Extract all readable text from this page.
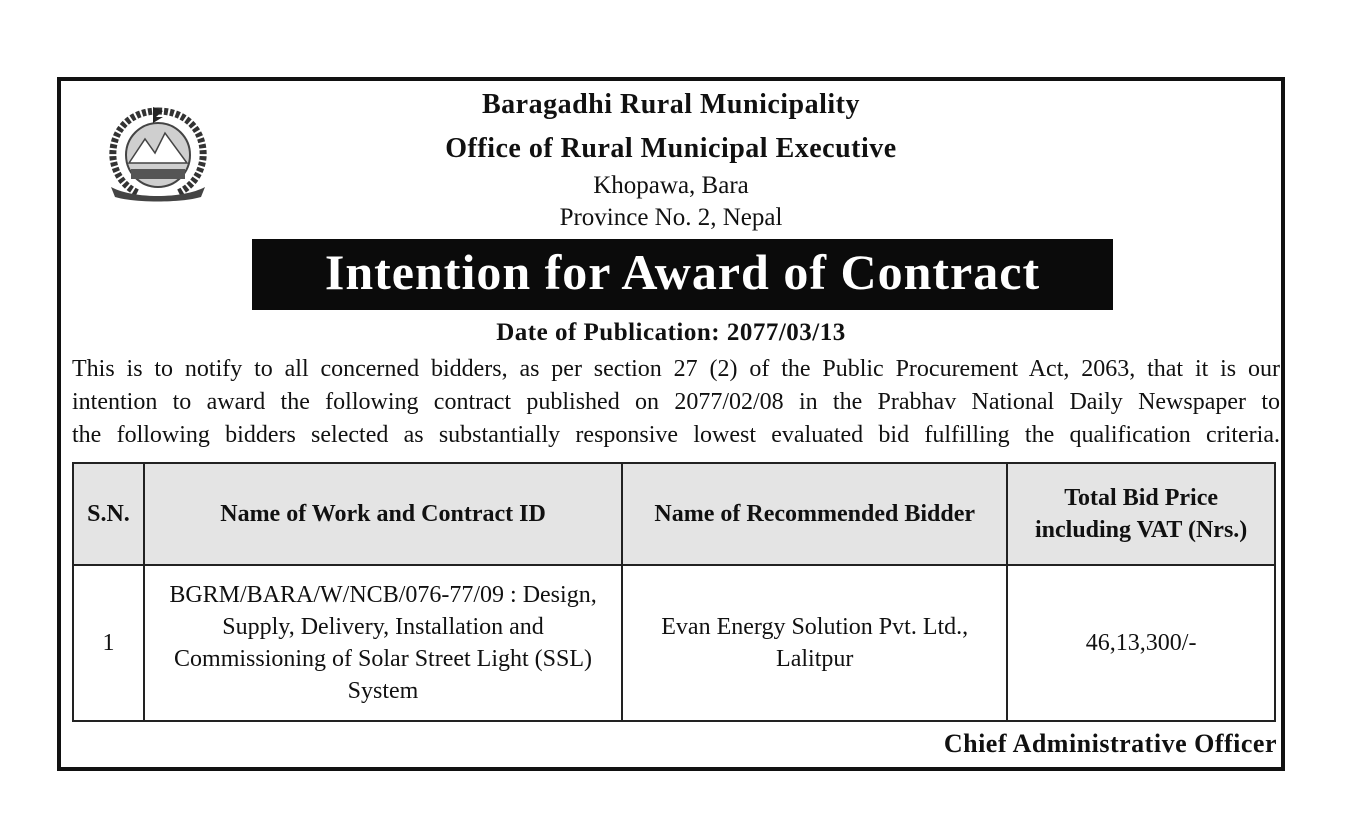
Baragadhi Rural Municipality
Office of Rural Municipal Executive
Khopawa, Bara
Province No. 2, Nepal
Intention for Award of Contract
Date of Publication: 2077/03/13
This is to notify to all concerned bidders, as per section 27 (2) of the Public Procurement Act, 2063, that it is our
intention to award the following contract published on 2077/02/08 in the Prabhav National Daily Newspaper to
the following bidders selected as substantially responsive lowest evaluated bid fulfilling the qualification criteria.
S.N.	Name of Work and Contract ID	Name of Recommended Bidder	Total Bid Price including VAT (Nrs.)
1	BGRM/BARA/W/NCB/076-77/09 : Design, Supply, Delivery, Installation and Commissioning of Solar Street Light (SSL) System	Evan Energy Solution Pvt. Ltd., Lalitpur	46,13,300/-
Chief Administrative Officer
